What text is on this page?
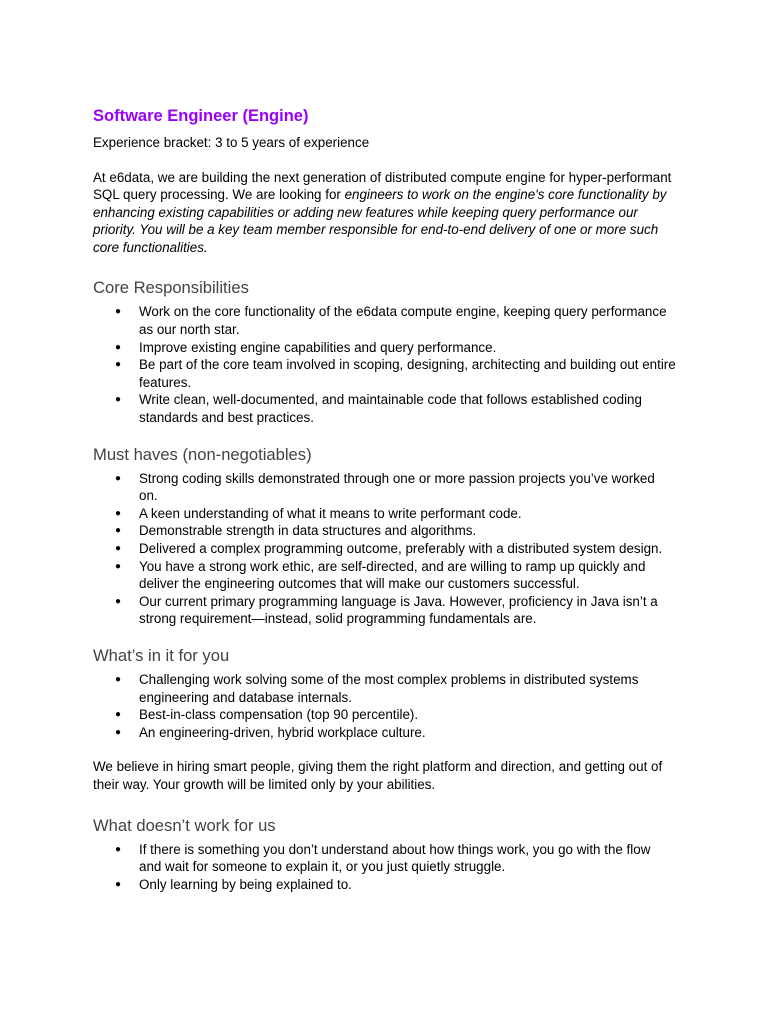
Software Engineer (Engine)
Experience bracket: 3 to 5 years of experience

At e6data, we are building the next generation of distributed compute engine for hyper-performant SQL query processing. We are looking for engineers to work on the engine's core functionality by enhancing existing capabilities or adding new features while keeping query performance our priority. You will be a key team member responsible for end-to-end delivery of one or more such core functionalities.

Core Responsibilities
● Work on the core functionality of the e6data compute engine, keeping query performance as our north star.
● Improve existing engine capabilities and query performance.
● Be part of the core team involved in scoping, designing, architecting and building out entire features.
● Write clean, well-documented, and maintainable code that follows established coding standards and best practices.
Must haves (non-negotiables)
● Strong coding skills demonstrated through one or more passion projects you’ve worked on.
● A keen understanding of what it means to write performant code.
● Demonstrable strength in data structures and algorithms.
● Delivered a complex programming outcome, preferably with a distributed system design.
● You have a strong work ethic, are self-directed, and are willing to ramp up quickly and deliver the engineering outcomes that will make our customers successful.
● Our current primary programming language is Java. However, proficiency in Java isn’t a strong requirement—instead, solid programming fundamentals are.
What’s in it for you
● Challenging work solving some of the most complex problems in distributed systems engineering and database internals.
● Best-in-class compensation (top 90 percentile).
● An engineering-driven, hybrid workplace culture.

We believe in hiring smart people, giving them the right platform and direction, and getting out of their way. Your growth will be limited only by your abilities.

What doesn’t work for us
● If there is something you don’t understand about how things work, you go with the flow and wait for someone to explain it, or you just quietly struggle.
● Only learning by being explained to.
